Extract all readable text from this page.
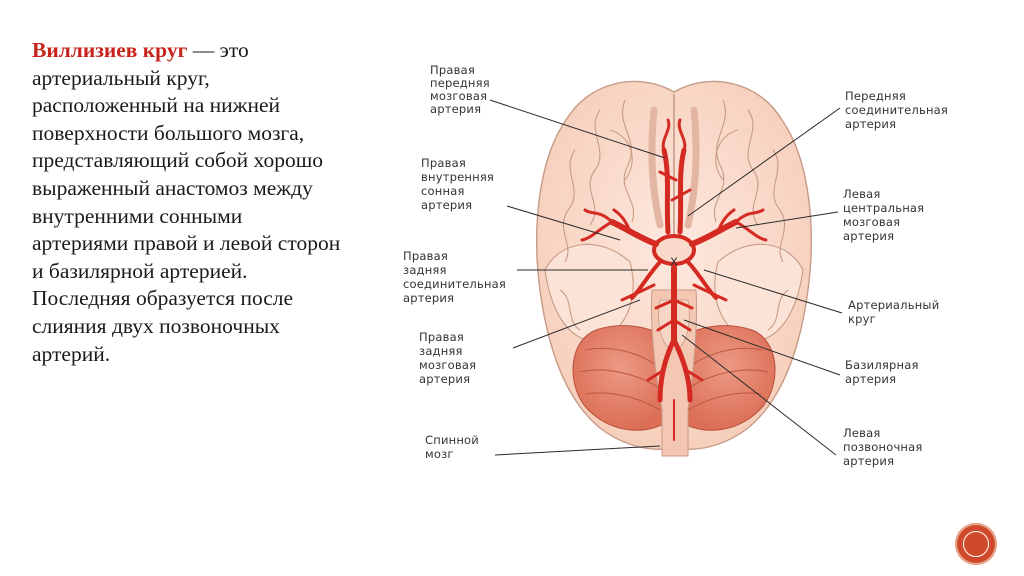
Виллизиев круг — это артериальный круг, расположенный на нижней поверхности большого мозга, представляющий собой хорошо выраженный анастомоз между внутренними сонными артериями правой и левой сторон и базилярной артерией. Последняя образуется после слияния двух позвоночных артерий.
X
Правая передняя мозговая артерия
Правая внутренняя сонная артерия
Правая задняя соединительная артерия
Правая задняя мозговая артерия
Спинной мозг
Передняя соединительная артерия
Левая центральная мозговая артерия
Артериальный круг
Базилярная артерия
Левая позвоночная артерия
